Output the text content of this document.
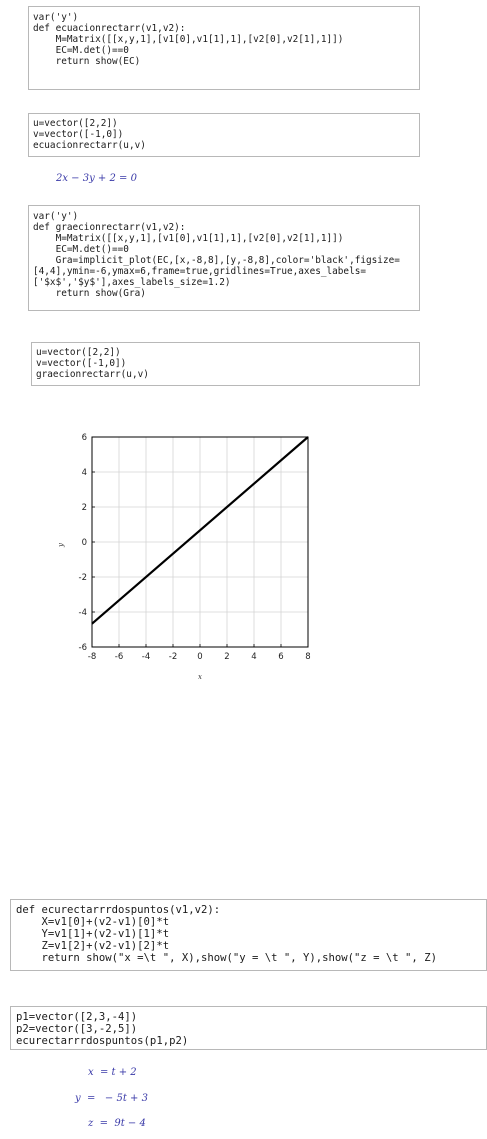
var('y')
def ecuacionrectarr(v1,v2):
M=Matrix([[x,y,1],[v1[0],v1[1],1],[v2[0],v2[1],1]])
EC=M.det()==0
return show(EC)
u=vector([2,2])
v=vector([-1,0])
ecuacionrectarr(u,v)
2x − 3y + 2 = 0
var('y')
def graecionrectarr(v1,v2):
M=Matrix([[x,y,1],[v1[0],v1[1],1],[v2[0],v2[1],1]])
EC=M.det()==0
Gra=implicit_plot(EC,[x,-8,8],[y,-8,8],color='black',figsize=
[4,4],ymin=-6,ymax=6,frame=true,gridlines=True,axes_labels=
['$x$','$y$'],axes_labels_size=1.2)
return show(Gra)
u=vector([2,2])
v=vector([-1,0])
graecionrectarr(u,v)
-8 -6 -4 -2 0	2	4	6	8
-6
-4
-2
0
2
4
6
x
y
def ecurectarrrdospuntos(v1,v2):
X=v1[0]+(v2-v1)[0]*t
Y=v1[1]+(v2-v1)[1]*t
Z=v1[2]+(v2-v1)[2]*t
return show("x =\t ", X),show("y = \t ", Y),show("z = \t ", Z)
p1=vector([2,3,-4])
p2=vector([3,-2,5])
ecurectarrrdospuntos(p1,p2)
x  = t + 2
y  =   − 5t + 3
z  =  9t − 4
